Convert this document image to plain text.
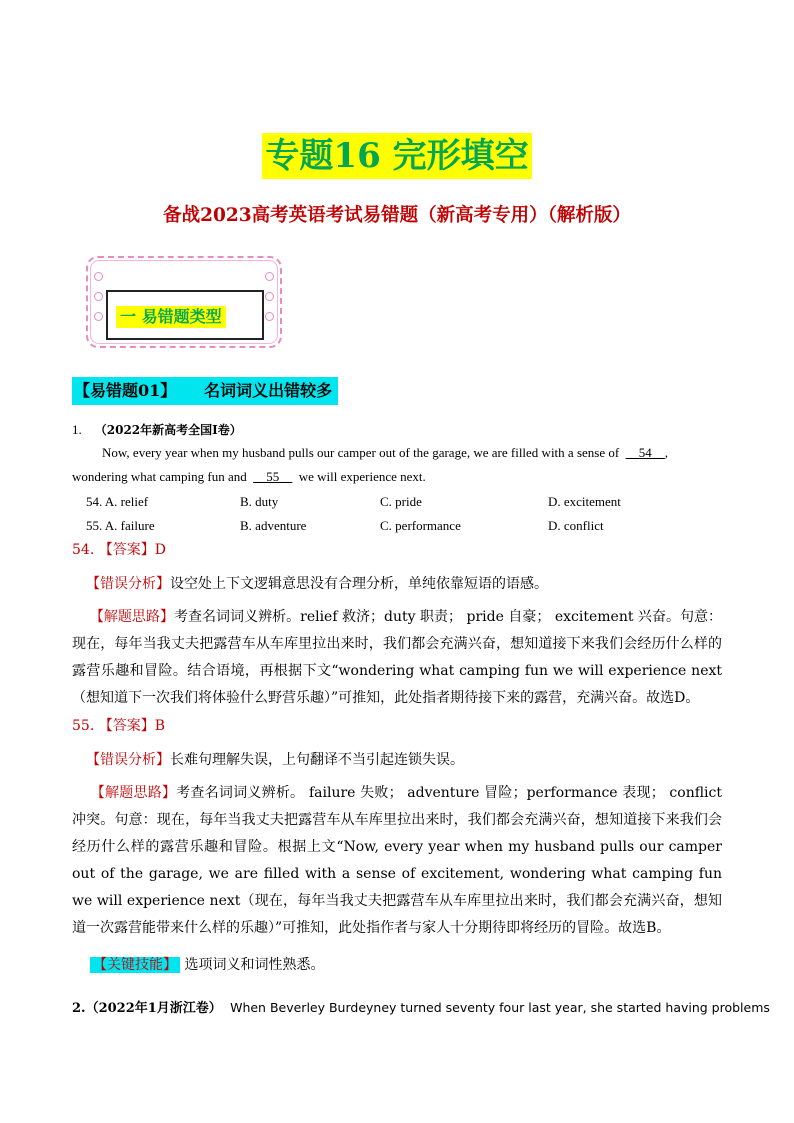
专题16 完形填空
备战2023高考英语考试易错题（新高考专用）（解析版）
一 易错题类型
【易错题01】     名词词义出错较多
1. （2022年新高考全国I卷）
Now, every year when my husband pulls our camper out of the garage, we are filled with a sense of __54__,
wondering what camping fun and __55__ we will experience next.
54. A. relief	B. duty	C. pride	D. excitement
55. A. failure	B. adventure	C. performance	D. conflict
54. 【答案】D
【错误分析】设空处上下文逻辑意思没有合理分析，单纯依靠短语的语感。
【解题思路】考查名词词义辨析。relief 救济；duty 职责； pride 自豪； excitement 兴奋。句意：现在，每年当我丈夫把露营车从车库里拉出来时，我们都会充满兴奋，想知道接下来我们会经历什么样的露营乐趣和冒险。结合语境，再根据下文“wondering what camping fun we will experience next（想知道下一次我们将体验什么野营乐趣）”可推知，此处指者期待接下来的露营，充满兴奋。故选D。
55. 【答案】B
【错误分析】长难句理解失误，上句翻译不当引起连锁失误。
【解题思路】考查名词词义辨析。 failure 失败； adventure 冒险；performance 表现； conflict 冲突。句意：现在，每年当我丈夫把露营车从车库里拉出来时，我们都会充满兴奋，想知道接下来我们会经历什么样的露营乐趣和冒险。根据上文“Now, every year when my husband pulls our camper out of the garage, we are filled with a sense of excitement, wondering what camping fun we will experience next（现在，每年当我丈夫把露营车从车库里拉出来时，我们都会充满兴奋，想知道一次露营能带来什么样的乐趣）”可推知，此处指作者与家人十分期待即将经历的冒险。故选B。
【关键技能】 选项词义和词性熟悉。
2.（2022年1月浙江卷） When Beverley Burdeyney turned seventy four last year, she started having problems
